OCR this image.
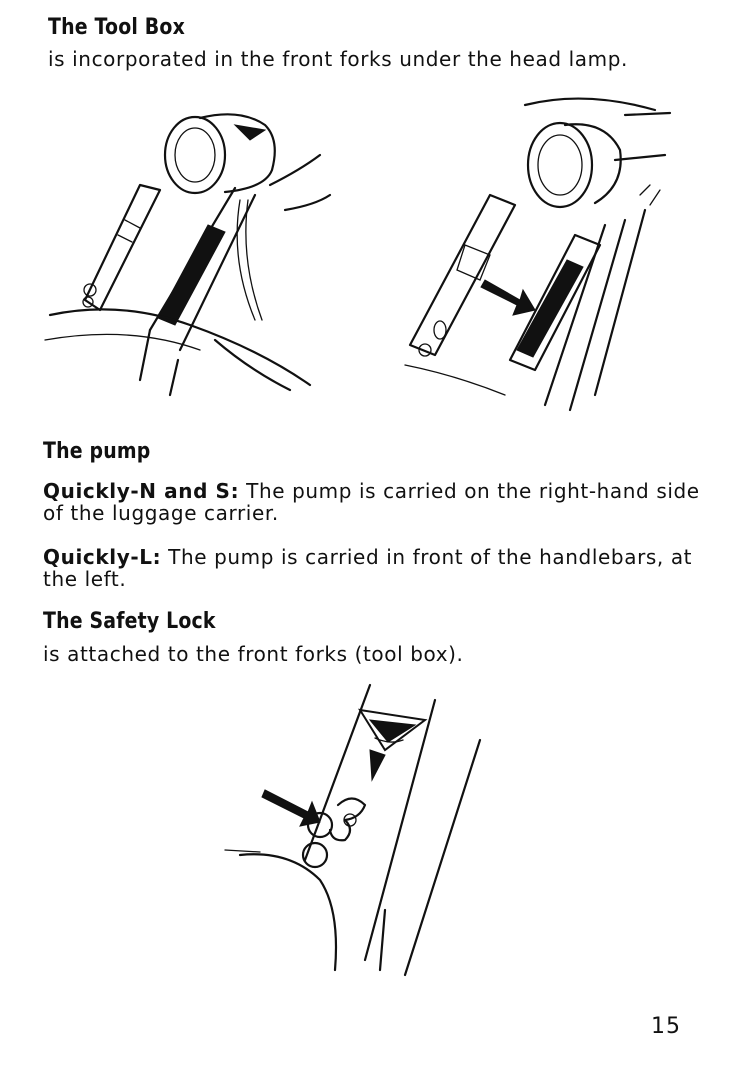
The Tool Box

is incorporated in the front forks under the head lamp.

The pump

Quickly-N and S: The pump is carried on the right-hand side of the luggage carrier.

Quickly-L: The pump is carried in front of the handlebars, at the left.

The Safety Lock

is attached to the front forks (tool box).

15
